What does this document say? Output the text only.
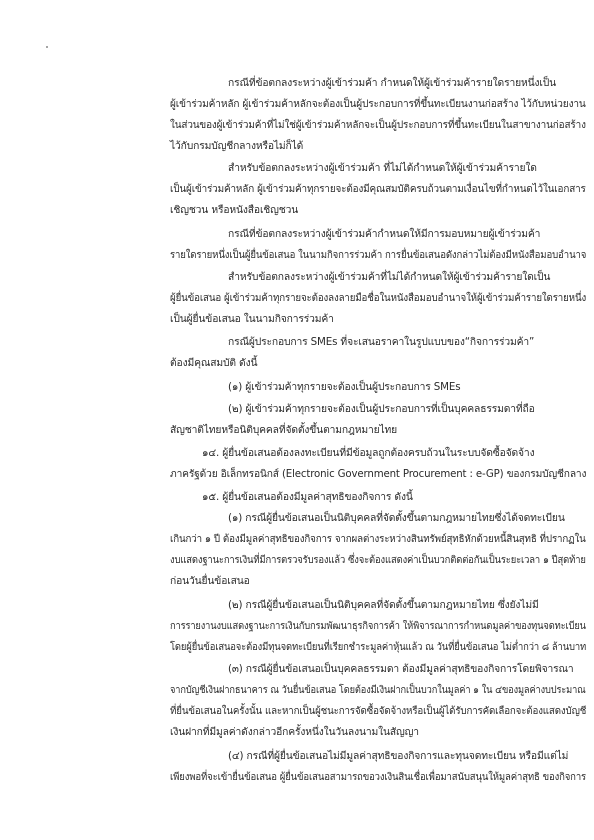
กรณีที่ข้อตกลงระหว่างผู้เข้าร่วมค้า กำหนดให้ผู้เข้าร่วมค้ารายใดรายหนึ่งเป็น
ผู้เข้าร่วมค้าหลัก ผู้เข้าร่วมค้าหลักจะต้องเป็นผู้ประกอบการที่ขึ้นทะเบียนงานก่อสร้าง ไว้กับหน่วยงาน
ในส่วนของผู้เข้าร่วมค้าที่ไม่ใช่ผู้เข้าร่วมค้าหลักจะเป็นผู้ประกอบการที่ขึ้นทะเบียนในสาขางานก่อสร้าง
ไว้กับกรมบัญชีกลางหรือไม่ก็ได้
สำหรับข้อตกลงระหว่างผู้เข้าร่วมค้า ที่ไม่ได้กำหนดให้ผู้เข้าร่วมค้ารายใด
เป็นผู้เข้าร่วมค้าหลัก ผู้เข้าร่วมค้าทุกรายจะต้องมีคุณสมบัติครบถ้วนตามเงื่อนไขที่กำหนดไว้ในเอกสาร
เชิญชวน หรือหนังสือเชิญชวน
กรณีที่ข้อตกลงระหว่างผู้เข้าร่วมค้ากำหนดให้มีการมอบหมายผู้เข้าร่วมค้า
รายใดรายหนึ่งเป็นผู้ยื่นข้อเสนอ ในนามกิจการร่วมค้า การยื่นข้อเสนอดังกล่าวไม่ต้องมีหนังสือมอบอำนาจ
สำหรับข้อตกลงระหว่างผู้เข้าร่วมค้าที่ไม่ได้กำหนดให้ผู้เข้าร่วมค้ารายใดเป็น
ผู้ยื่นข้อเสนอ ผู้เข้าร่วมค้าทุกรายจะต้องลงลายมือชื่อในหนังสือมอบอำนาจให้ผู้เข้าร่วมค้ารายใดรายหนึ่ง
เป็นผู้ยื่นข้อเสนอ ในนามกิจการร่วมค้า
กรณีผู้ประกอบการ SMEs ที่จะเสนอราคาในรูปแบบของ“กิจการร่วมค้า”
ต้องมีคุณสมบัติ ดังนี้
(๑) ผู้เข้าร่วมค้าทุกรายจะต้องเป็นผู้ประกอบการ SMEs
(๒) ผู้เข้าร่วมค้าทุกรายจะต้องเป็นผู้ประกอบการที่เป็นบุคคลธรรมดาที่ถือ
สัญชาติไทยหรือนิติบุคคลที่จัดตั้งขึ้นตามกฎหมายไทย
๑๔. ผู้ยื่นข้อเสนอต้องลงทะเบียนที่มีข้อมูลถูกต้องครบถ้วนในระบบจัดซื้อจัดจ้าง
ภาครัฐด้วย อิเล็กทรอนิกส์ (Electronic Government Procurement : e-GP) ของกรมบัญชีกลาง
๑๕. ผู้ยื่นข้อเสนอต้องมีมูลค่าสุทธิของกิจการ ดังนี้
(๑) กรณีผู้ยื่นข้อเสนอเป็นนิติบุคคลที่จัดตั้งขึ้นตามกฎหมายไทยซึ่งได้จดทะเบียน
เกินกว่า ๑ ปี ต้องมีมูลค่าสุทธิของกิจการ จากผลต่างระหว่างสินทรัพย์สุทธิหักด้วยหนี้สินสุทธิ ที่ปรากฏใน
งบแสดงฐานะการเงินที่มีการตรวจรับรองแล้ว ซึ่งจะต้องแสดงค่าเป็นบวกติดต่อกันเป็นระยะเวลา ๑ ปีสุดท้าย
ก่อนวันยื่นข้อเสนอ
(๒) กรณีผู้ยื่นข้อเสนอเป็นนิติบุคคลที่จัดตั้งขึ้นตามกฎหมายไทย ซึ่งยังไม่มี
การรายงานงบแสดงฐานะการเงินกับกรมพัฒนาธุรกิจการค้า ให้พิจารณาการกำหนดมูลค่าของทุนจดทะเบียน
โดยผู้ยื่นข้อเสนอจะต้องมีทุนจดทะเบียนที่เรียกชำระมูลค่าหุ้นแล้ว ณ วันที่ยื่นข้อเสนอ ไม่ต่ำกว่า ๘ ล้านบาท
(๓) กรณีผู้ยื่นข้อเสนอเป็นบุคคลธรรมดา ต้องมีมูลค่าสุทธิของกิจการโดยพิจารณา
จากบัญชีเงินฝากธนาคาร ณ วันยื่นข้อเสนอ โดยต้องมีเงินฝากเป็นบวกในมูลค่า ๑ ใน ๔ของมูลค่างบประมาณ
ที่ยื่นข้อเสนอในครั้งนั้น และหากเป็นผู้ชนะการจัดซื้อจัดจ้างหรือเป็นผู้ได้รับการคัดเลือกจะต้องแสดงบัญชี
เงินฝากที่มีมูลค่าดังกล่าวอีกครั้งหนึ่งในวันลงนามในสัญญา
(๔) กรณีที่ผู้ยื่นข้อเสนอไม่มีมูลค่าสุทธิของกิจการและทุนจดทะเบียน หรือมีแต่ไม่
เพียงพอที่จะเข้ายื่นข้อเสนอ ผู้ยื่นข้อเสนอสามารถขอวงเงินสินเชื่อเพื่อมาสนับสนุนให้มูลค่าสุทธิ ของกิจการ
